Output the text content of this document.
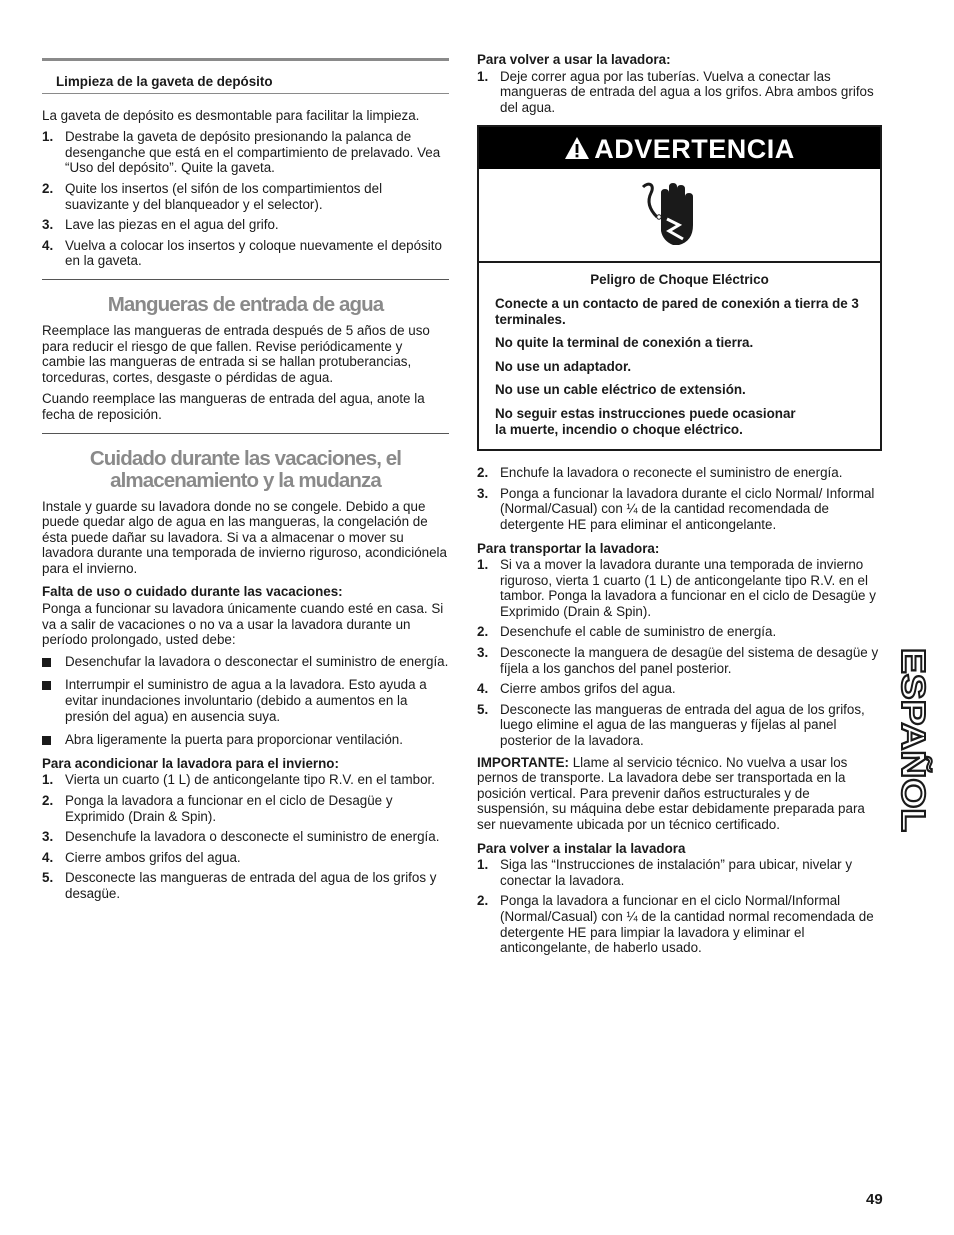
Limpieza de la gaveta de depósito

La gaveta de depósito es desmontable para facilitar la limpieza.

1. Destrabe la gaveta de depósito presionando la palanca de desenganche que está en el compartimiento de prelavado. Vea “Uso del depósito”. Quite la gaveta.
2. Quite los insertos (el sifón de los compartimientos del suavizante y del blanqueador y el selector).
3. Lave las piezas en el agua del grifo.
4. Vuelva a colocar los insertos y coloque nuevamente el depósito en la gaveta.
Mangueras de entrada de agua

Reemplace las mangueras de entrada después de 5 años de uso para reducir el riesgo de que fallen. Revise periódicamente y cambie las mangueras de entrada si se hallan protuberancias, torceduras, cortes, desgaste o pérdidas de agua.

Cuando reemplace las mangueras de entrada del agua, anote la fecha de reposición.

Cuidado durante las vacaciones, el
almacenamiento y la mudanza

Instale y guarde su lavadora donde no se congele. Debido a que puede quedar algo de agua en las mangueras, la congelación de ésta puede dañar su lavadora. Si va a almacenar o mover su lavadora durante una temporada de invierno riguroso, acondiciónela para el invierno.

Falta de uso o cuidado durante las vacaciones:

Ponga a funcionar su lavadora únicamente cuando esté en casa. Si va a salir de vacaciones o no va a usar la lavadora durante un período prolongado, usted debe:

Desenchufar la lavadora o desconectar el suministro de energía.
Interrumpir el suministro de agua a la lavadora. Esto ayuda a evitar inundaciones involuntario (debido a aumentos en la presión del agua) en ausencia suya.
Abra ligeramente la puerta para proporcionar ventilación.
Para acondicionar la lavadora para el invierno:
1. Vierta un cuarto (1 L) de anticongelante tipo R.V. en el tambor.
2. Ponga la lavadora a funcionar en el ciclo de Desagüe y Exprimido (Drain & Spin).
3. Desenchufe la lavadora o desconecte el suministro de energía.
4. Cierre ambos grifos del agua.
5. Desconecte las mangueras de entrada del agua de los grifos y desagüe.
Para volver a usar la lavadora:
1. Deje correr agua por las tuberías. Vuelva a conectar las mangueras de entrada del agua a los grifos. Abra ambos grifos del agua.
ADVERTENCIA

Peligro de Choque Eléctrico

Conecte a un contacto de pared de conexión a tierra de 3 terminales.

No quite la terminal de conexión a tierra.

No use un adaptador.

No use un cable eléctrico de extensión.

No seguir estas instrucciones puede ocasionar la muerte, incendio o choque eléctrico.

2. Enchufe la lavadora o reconecte el suministro de energía.
3. Ponga a funcionar la lavadora durante el ciclo Normal/ Informal (Normal/Casual) con ¼ de la cantidad recomendada de detergente HE para eliminar el anticongelante.
Para transportar la lavadora:
1. Si va a mover la lavadora durante una temporada de invierno riguroso, vierta 1 cuarto (1 L) de anticongelante tipo R.V. en el tambor. Ponga la lavadora a funcionar en el ciclo de Desagüe y Exprimido (Drain & Spin).
2. Desenchufe el cable de suministro de energía.
3. Desconecte la manguera de desagüe del sistema de desagüe y fíjela a los ganchos del panel posterior.
4. Cierre ambos grifos del agua.
5. Desconecte las mangueras de entrada del agua de los grifos, luego elimine el agua de las mangueras y fíjelas al panel posterior de la lavadora.

IMPORTANTE: Llame al servicio técnico. No vuelva a usar los pernos de transporte. La lavadora debe ser transportada en la posición vertical. Para prevenir daños estructurales y de suspensión, su máquina debe estar debidamente preparada para ser nuevamente ubicada por un técnico certificado.

Para volver a instalar la lavadora
1. Siga las “Instrucciones de instalación” para ubicar, nivelar y conectar la lavadora.
2. Ponga la lavadora a funcionar en el ciclo Normal/Informal (Normal/Casual) con ¼ de la cantidad normal recomendada de detergente HE para limpiar la lavadora y eliminar el anticongelante, de haberlo usado.
ESPAÑOL
49
